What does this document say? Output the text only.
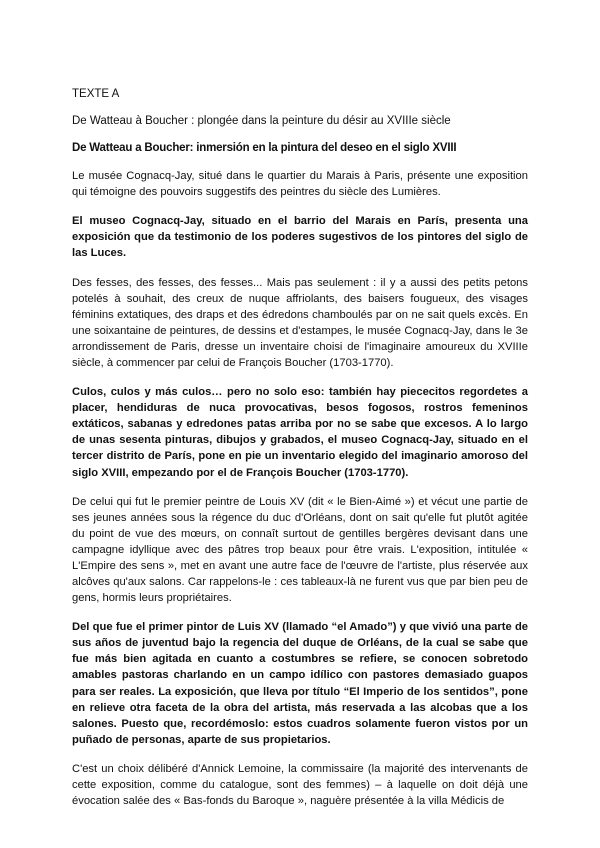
TEXTE A
De Watteau à Boucher : plongée dans la peinture du désir au XVIIIe siècle
De Watteau a Boucher: inmersión en la pintura del deseo en el siglo XVIII

Le musée Cognacq-Jay, situé dans le quartier du Marais à Paris, présente une exposition qui témoigne des pouvoirs suggestifs des peintres du siècle des Lumières.

El museo Cognacq-Jay, situado en el barrio del Marais en París, presenta una exposición que da testimonio de los poderes sugestivos de los pintores del siglo de las Luces.

Des fesses, des fesses, des fesses... Mais pas seulement : il y a aussi des petits petons potelés à souhait, des creux de nuque affriolants, des baisers fougueux, des visages féminins extatiques, des draps et des édredons chamboulés par on ne sait quels excès. En une soixantaine de peintures, de dessins et d'estampes, le musée Cognacq-Jay, dans le 3e arrondissement de Paris, dresse un inventaire choisi de l'imaginaire amoureux du XVIIIe siècle, à commencer par celui de François Boucher (1703-1770).

Culos, culos y más culos… pero no solo eso: también hay piececitos regordetes a placer, hendiduras de nuca provocativas, besos fogosos, rostros femeninos extáticos, sabanas y edredones patas arriba por no se sabe que excesos. A lo largo de unas sesenta pinturas, dibujos y grabados, el museo Cognacq-Jay, situado en el tercer distrito de París, pone en pie un inventario elegido del imaginario amoroso del siglo XVIII, empezando por el de François Boucher (1703-1770).

De celui qui fut le premier peintre de Louis XV (dit « le Bien-Aimé ») et vécut une partie de ses jeunes années sous la régence du duc d'Orléans, dont on sait qu'elle fut plutôt agitée du point de vue des mœurs, on connaît surtout de gentilles bergères devisant dans une campagne idyllique avec des pâtres trop beaux pour être vrais. L'exposition, intitulée « L'Empire des sens », met en avant une autre face de l'œuvre de l'artiste, plus réservée aux alcôves qu'aux salons. Car rappelons-le : ces tableaux-là ne furent vus que par bien peu de gens, hormis leurs propriétaires.

Del que fue el primer pintor de Luis XV (llamado “el Amado”) y que vivió una parte de sus años de juventud bajo la regencia del duque de Orléans, de la cual se sabe que fue más bien agitada en cuanto a costumbres se refiere, se conocen sobretodo amables pastoras charlando en un campo idílico con pastores demasiado guapos para ser reales. La exposición, que lleva por título “El Imperio de los sentidos”, pone en relieve otra faceta de la obra del artista, más reservada a las alcobas que a los salones. Puesto que, recordémoslo: estos cuadros solamente fueron vistos por un puñado de personas, aparte de sus propietarios.

C'est un choix délibéré d'Annick Lemoine, la commissaire (la majorité des intervenants de cette exposition, comme du catalogue, sont des femmes) – à laquelle on doit déjà une évocation salée des « Bas-fonds du Baroque », naguère présentée à la villa Médicis de
